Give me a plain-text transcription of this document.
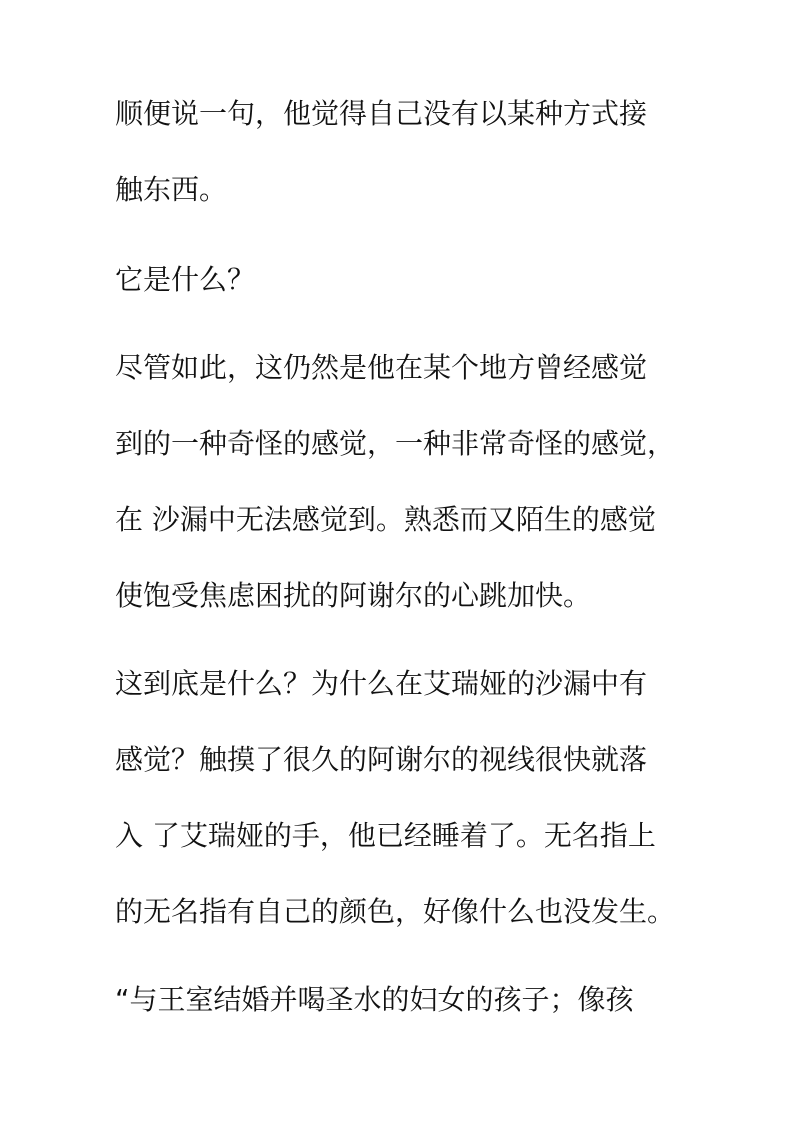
顺便说一句，他觉得自己没有以某种方式接
触东西。
它是什么？
尽管如此，这仍然是他在某个地方曾经感觉
到的一种奇怪的感觉，一种非常奇怪的感觉，
在 沙漏中无法感觉到。熟悉而又陌生的感觉
使饱受焦虑困扰的阿谢尔的心跳加快。
这到底是什么？为什么在艾瑞娅的沙漏中有
感觉？触摸了很久的阿谢尔的视线很快就落
入 了艾瑞娅的手，他已经睡着了。无名指上
的无名指有自己的颜色，好像什么也没发生。
“与王室结婚并喝圣水的妇女的孩子；像孩
